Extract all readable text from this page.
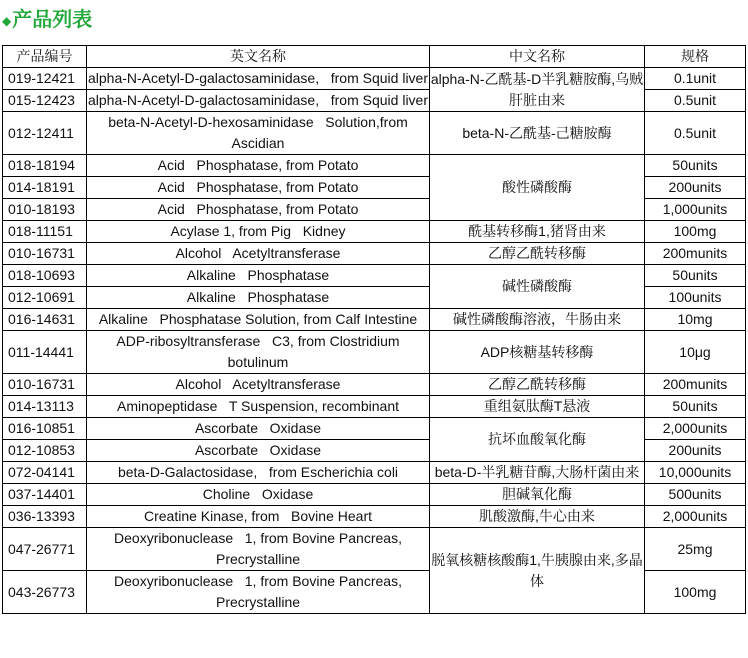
◆产品列表
产品编号	英文名称	中文名称	规格
019-12421	alpha-N-Acetyl-D-galactosaminidase,   from Squid liver	alpha-N-乙酰基-D半乳糖胺酶,乌贼肝脏由来	0.1unit
015-12423	alpha-N-Acetyl-D-galactosaminidase,   from Squid liver		0.5unit
012-12411	beta-N-Acetyl-D-hexosaminidase   Solution,from Ascidian	beta-N-乙酰基-己糖胺酶	0.5unit
018-18194	Acid   Phosphatase, from Potato	酸性磷酸酶	50units
014-18191	Acid   Phosphatase, from Potato		200units
010-18193	Acid   Phosphatase, from Potato		1,000units
018-11151	Acylase 1, from Pig   Kidney	酰基转移酶1,猪肾由来	100mg
010-16731	Alcohol   Acetyltransferase	乙醇乙酰转移酶	200munits
018-10693	Alkaline   Phosphatase	碱性磷酸酶	50units
012-10691	Alkaline   Phosphatase		100units
016-14631	Alkaline   Phosphatase Solution, from Calf Intestine	碱性磷酸酶溶液，牛肠由来	10mg
011-14441	ADP-ribosyltransferase   C3, from Clostridium botulinum	ADP核糖基转移酶	10μg
010-16731	Alcohol   Acetyltransferase	乙醇乙酰转移酶	200munits
014-13113	Aminopeptidase   T Suspension, recombinant	重组氨肽酶T悬液	50units
016-10851	Ascorbate   Oxidase	抗坏血酸氧化酶	2,000units
012-10853	Ascorbate   Oxidase		200units
072-04141	beta-D-Galactosidase,   from Escherichia coli	beta-D-半乳糖苷酶,大肠杆菌由来	10,000units
037-14401	Choline   Oxidase	胆碱氧化酶	500units
036-13393	Creatine Kinase, from   Bovine Heart	肌酸激酶,牛心由来	2,000units
047-26771	Deoxyribonuclease   1, from Bovine Pancreas, Precrystalline	脱氧核糖核酸酶1,牛胰腺由来,多晶体	25mg
043-26773	Deoxyribonuclease   1, from Bovine Pancreas, Precrystalline		100mg
